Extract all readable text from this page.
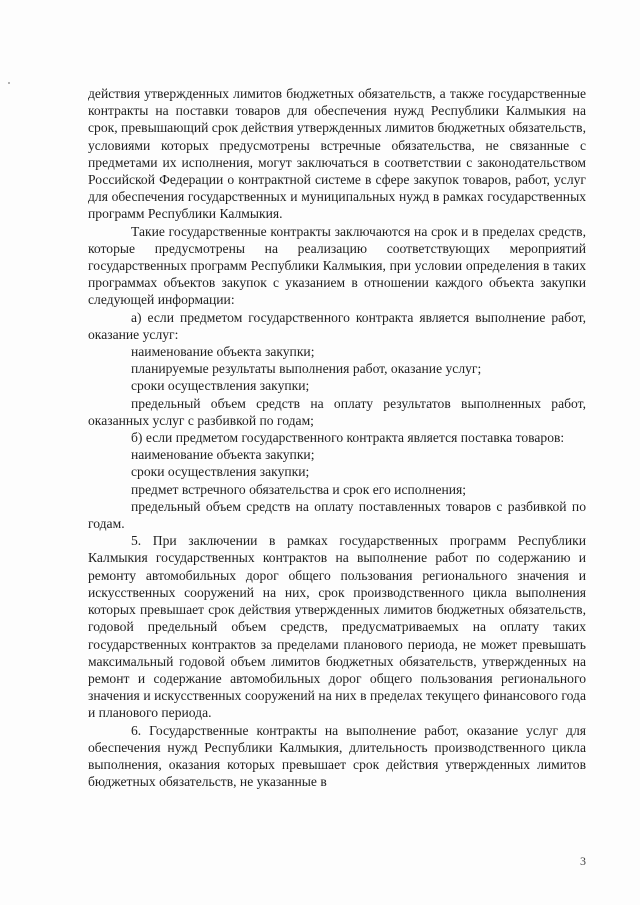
действия утвержденных лимитов бюджетных обязательств, а также государственные контракты на поставки товаров для обеспечения нужд Республики Калмыкия на срок, превышающий срок действия утвержденных лимитов бюджетных обязательств, условиями которых предусмотрены встречные обязательства, не связанные с предметами их исполнения, могут заключаться в соответствии с законодательством Российской Федерации о контрактной системе в сфере закупок товаров, работ, услуг для обеспечения государственных и муниципальных нужд в рамках государственных программ Республики Калмыкия.

Такие государственные контракты заключаются на срок и в пределах средств, которые предусмотрены на реализацию соответствующих мероприятий государственных программ Республики Калмыкия, при условии определения в таких программах объектов закупок с указанием в отношении каждого объекта закупки следующей информации:

а) если предметом государственного контракта является выполнение работ, оказание услуг:

наименование объекта закупки;

планируемые результаты выполнения работ, оказание услуг;

сроки осуществления закупки;

предельный объем средств на оплату результатов выполненных работ, оказанных услуг с разбивкой по годам;

б) если предметом государственного контракта является поставка товаров:

наименование объекта закупки;

сроки осуществления закупки;

предмет встречного обязательства и срок его исполнения;

предельный объем средств на оплату поставленных товаров с разбивкой по годам.

5. При заключении в рамках государственных программ Республики Калмыкия государственных контрактов на выполнение работ по содержанию и ремонту автомобильных дорог общего пользования регионального значения и искусственных сооружений на них, срок производственного цикла выполнения которых превышает срок действия утвержденных лимитов бюджетных обязательств, годовой предельный объем средств, предусматриваемых на оплату таких государственных контрактов за пределами планового периода, не может превышать максимальный годовой объем лимитов бюджетных обязательств, утвержденных на ремонт и содержание автомобильных дорог общего пользования регионального значения и искусственных сооружений на них в пределах текущего финансового года и планового периода.

6. Государственные контракты на выполнение работ, оказание услуг для обеспечения нужд Республики Калмыкия, длительность производственного цикла выполнения, оказания которых превышает срок действия утвержденных лимитов бюджетных обязательств, не указанные в

3
